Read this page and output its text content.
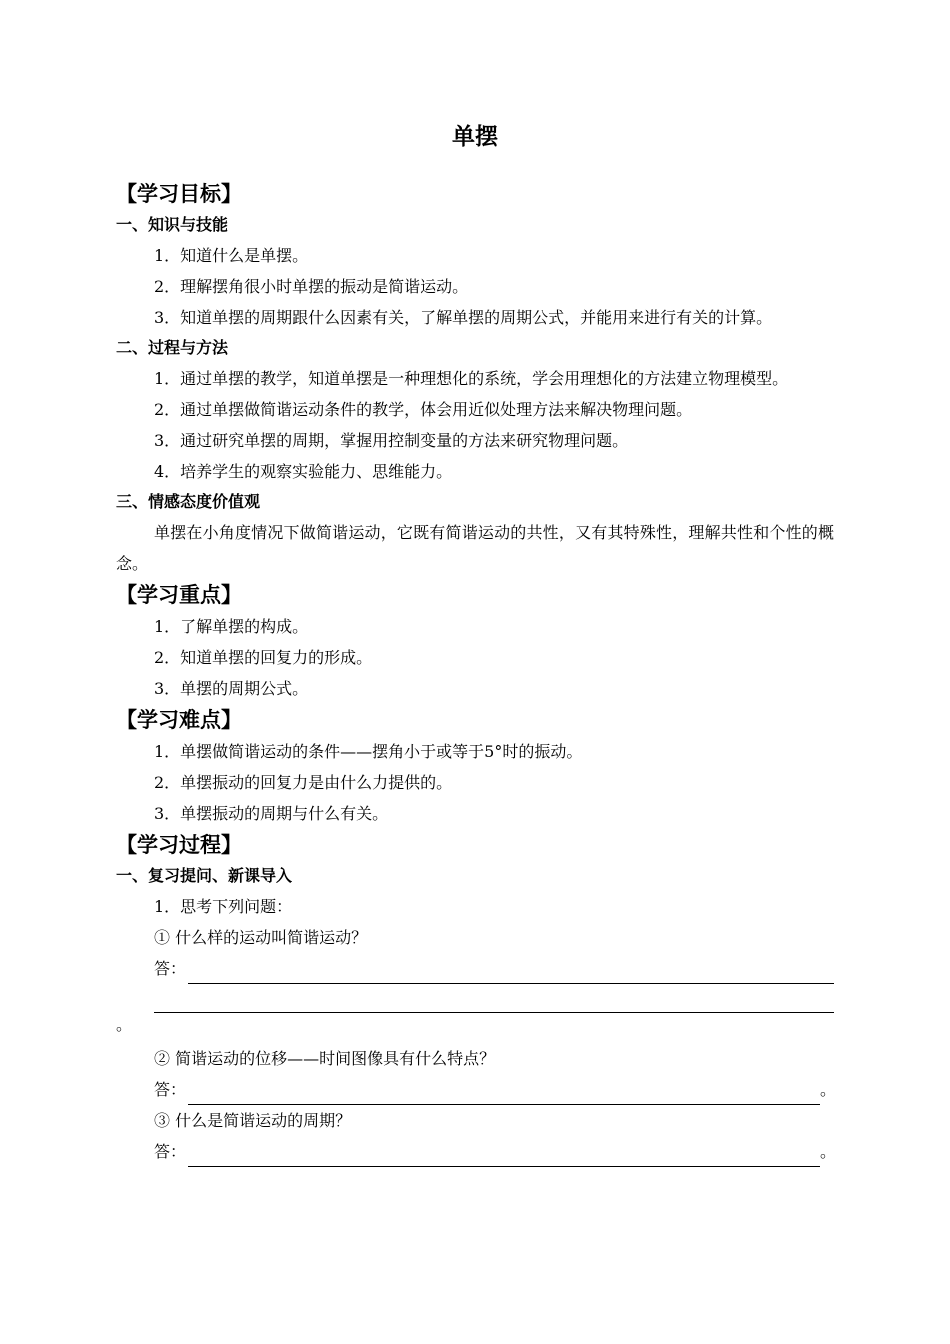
单摆
【学习目标】
一、知识与技能
1．知道什么是单摆。
2．理解摆角很小时单摆的振动是简谐运动。
3．知道单摆的周期跟什么因素有关，了解单摆的周期公式，并能用来进行有关的计算。
二、过程与方法
1．通过单摆的教学，知道单摆是一种理想化的系统，学会用理想化的方法建立物理模型。
2．通过单摆做简谐运动条件的教学，体会用近似处理方法来解决物理问题。
3．通过研究单摆的周期，掌握用控制变量的方法来研究物理问题。
4．培养学生的观察实验能力、思维能力。
三、情感态度价值观
单摆在小角度情况下做简谐运动，它既有简谐运动的共性，又有其特殊性，理解共性和个性的概念。
【学习重点】
1．了解单摆的构成。
2．知道单摆的回复力的形成。
3．单摆的周期公式。
【学习难点】
1．单摆做简谐运动的条件——摆角小于或等于5°时的振动。
2．单摆振动的回复力是由什么力提供的。
3．单摆振动的周期与什么有关。
【学习过程】
一、复习提问、新课导入
1．思考下列问题：
① 什么样的运动叫简谐运动？
答：
。
② 简谐运动的位移——时间图像具有什么特点？
答：	。
③ 什么是简谐运动的周期？
答：	。
